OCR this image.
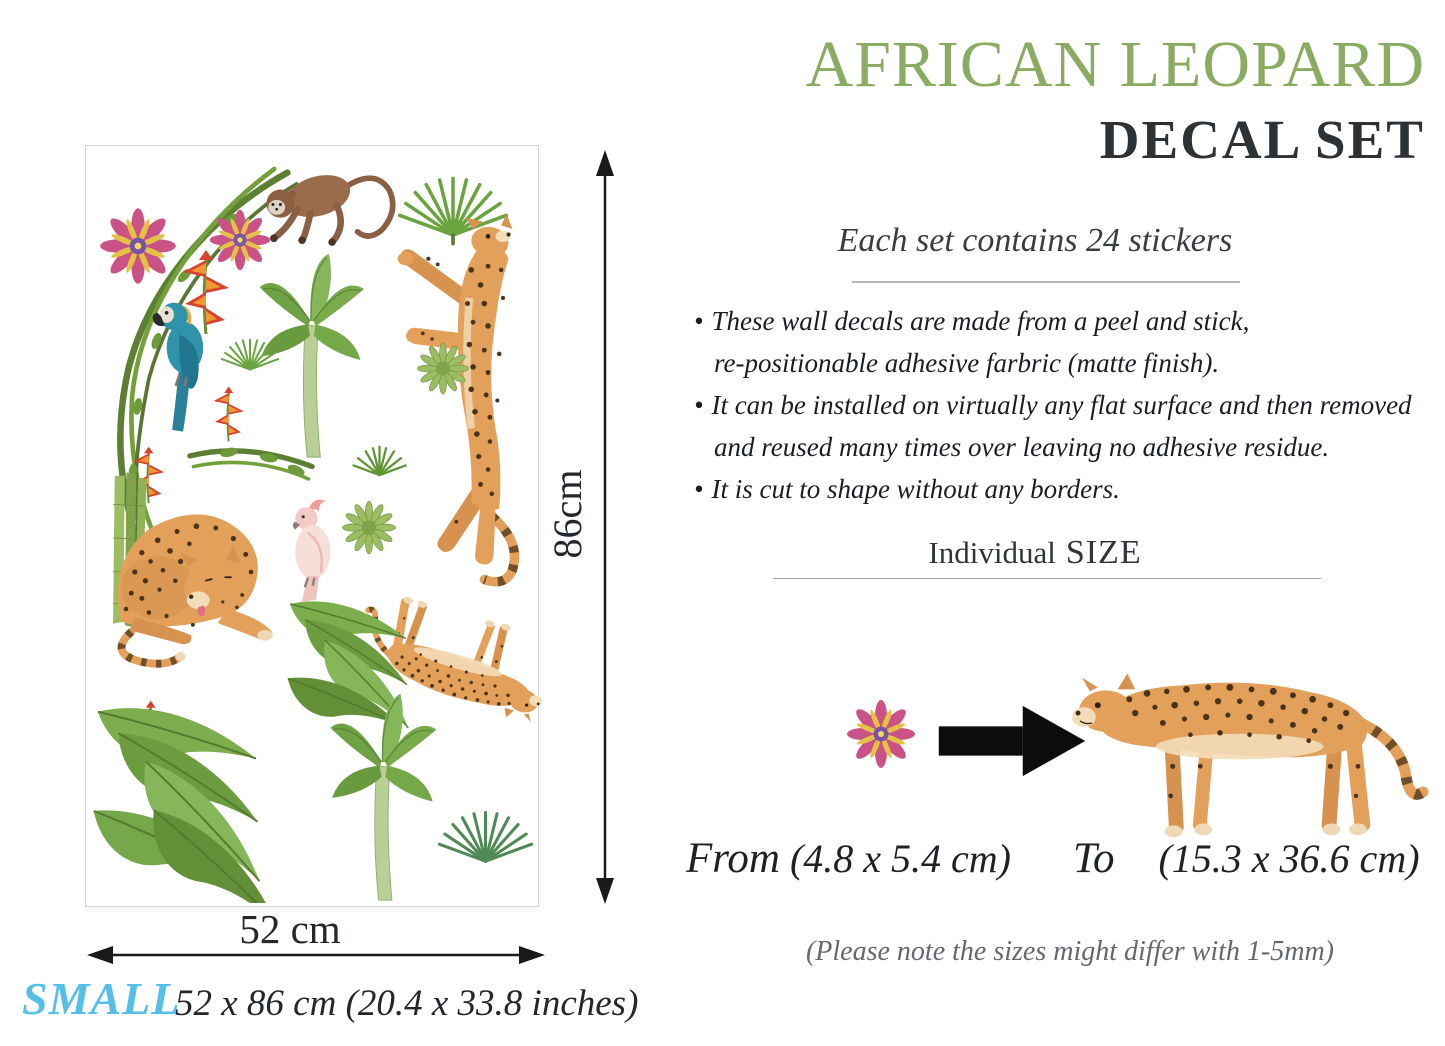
86cm
52 cm
AFRICAN LEOPARD
DECAL SET
Each set contains 24 stickers
• These wall decals are made from a peel and stick,
re-positionable adhesive farbric (matte finish).
• It can be installed on virtually any flat surface and then removed
and reused many times over leaving no adhesive residue.
• It is cut to shape without any borders.
Individual SIZE
From (4.8 x 5.4 cm) To (15.3 x 36.6 cm)
(Please note the sizes might differ with 1-5mm)
SMALL
52 x 86 cm (20.4 x 33.8 inches)
